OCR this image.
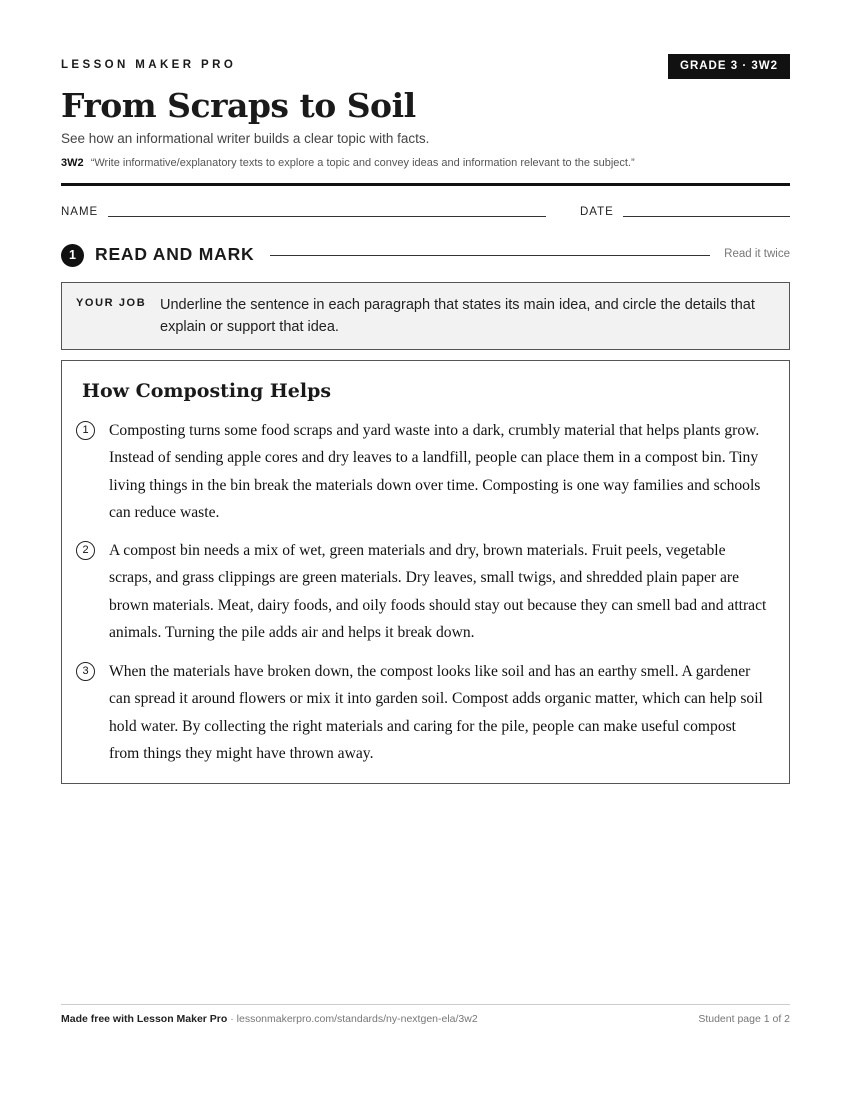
LESSON MAKER PRO	GRADE 3 · 3W2
From Scraps to Soil
See how an informational writer builds a clear topic with facts.
3W2 “Write informative/explanatory texts to explore a topic and convey ideas and information relevant to the subject.”
NAME	DATE
1	READ AND MARK	Read it twice
YOUR JOB Underline the sentence in each paragraph that states its main idea, and circle the details that explain or support that idea.
How Composting Helps
1	Composting turns some food scraps and yard waste into a dark, crumbly material that helps plants grow. Instead of sending apple cores and dry leaves to a landfill, people can place them in a compost bin. Tiny living things in the bin break the materials down over time. Composting is one way families and schools can reduce waste.

2	A compost bin needs a mix of wet, green materials and dry, brown materials. Fruit peels, vegetable scraps, and grass clippings are green materials. Dry leaves, small twigs, and shredded plain paper are brown materials. Meat, dairy foods, and oily foods should stay out because they can smell bad and attract animals. Turning the pile adds air and helps it break down.

3	When the materials have broken down, the compost looks like soil and has an earthy smell. A gardener can spread it around flowers or mix it into garden soil. Compost adds organic matter, which can help soil hold water. By collecting the right materials and caring for the pile, people can make useful compost from things they might have thrown away.

Made free with Lesson Maker Pro · lessonmakerpro.com/standards/ny-nextgen-ela/3w2	Student page 1 of 2
